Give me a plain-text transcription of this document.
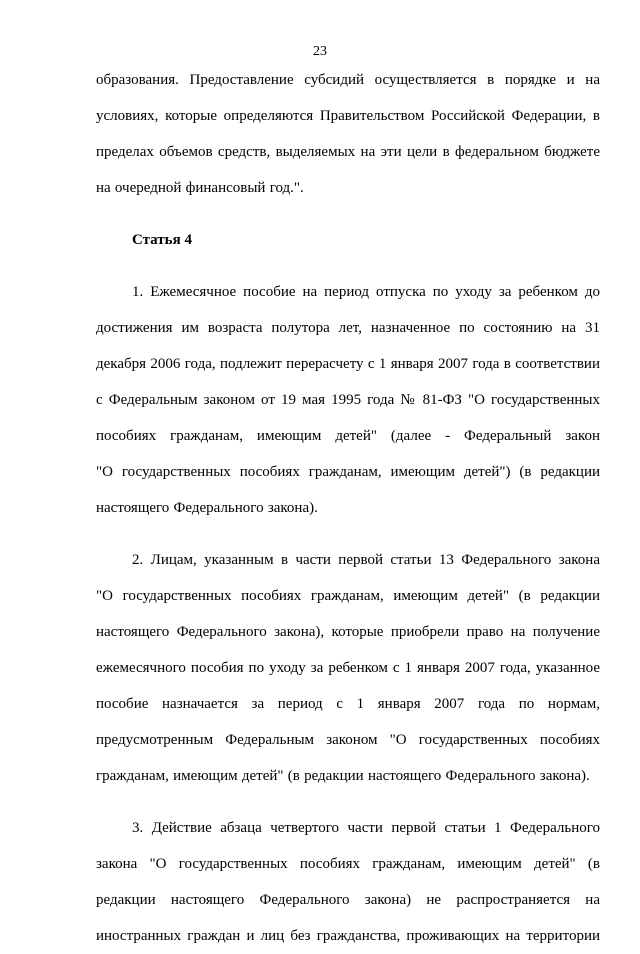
23
образования. Предоставление субсидий осуществляется в порядке и на
условиях, которые определяются Правительством Российской Федерации, в
пределах объемов средств, выделяемых на эти цели в федеральном бюджете
на очередной финансовый год.".
Статья 4
1. Ежемесячное пособие на период отпуска по уходу за ребенком до
достижения им возраста полутора лет, назначенное по состоянию на 31
декабря 2006 года, подлежит перерасчету с 1 января 2007 года в соответствии
с Федеральным законом от 19 мая 1995 года № 81-ФЗ "О государственных
пособиях гражданам, имеющим детей" (далее - Федеральный закон
"О государственных пособиях гражданам, имеющим детей") (в редакции
настоящего Федерального закона).
2. Лицам, указанным в части первой статьи 13 Федерального закона
"О государственных пособиях гражданам, имеющим детей" (в редакции
настоящего Федерального закона), которые приобрели право на получение
ежемесячного пособия по уходу за ребенком с 1 января 2007 года, указанное
пособие назначается за период с 1 января 2007 года по нормам,
предусмотренным Федеральным законом "О государственных пособиях
гражданам, имеющим детей" (в редакции настоящего Федерального закона).
3. Действие абзаца четвертого части первой статьи 1 Федерального
закона "О государственных пособиях гражданам, имеющим детей" (в
редакции настоящего Федерального закона) не распространяется на
иностранных граждан и лиц без гражданства, проживающих на территории
